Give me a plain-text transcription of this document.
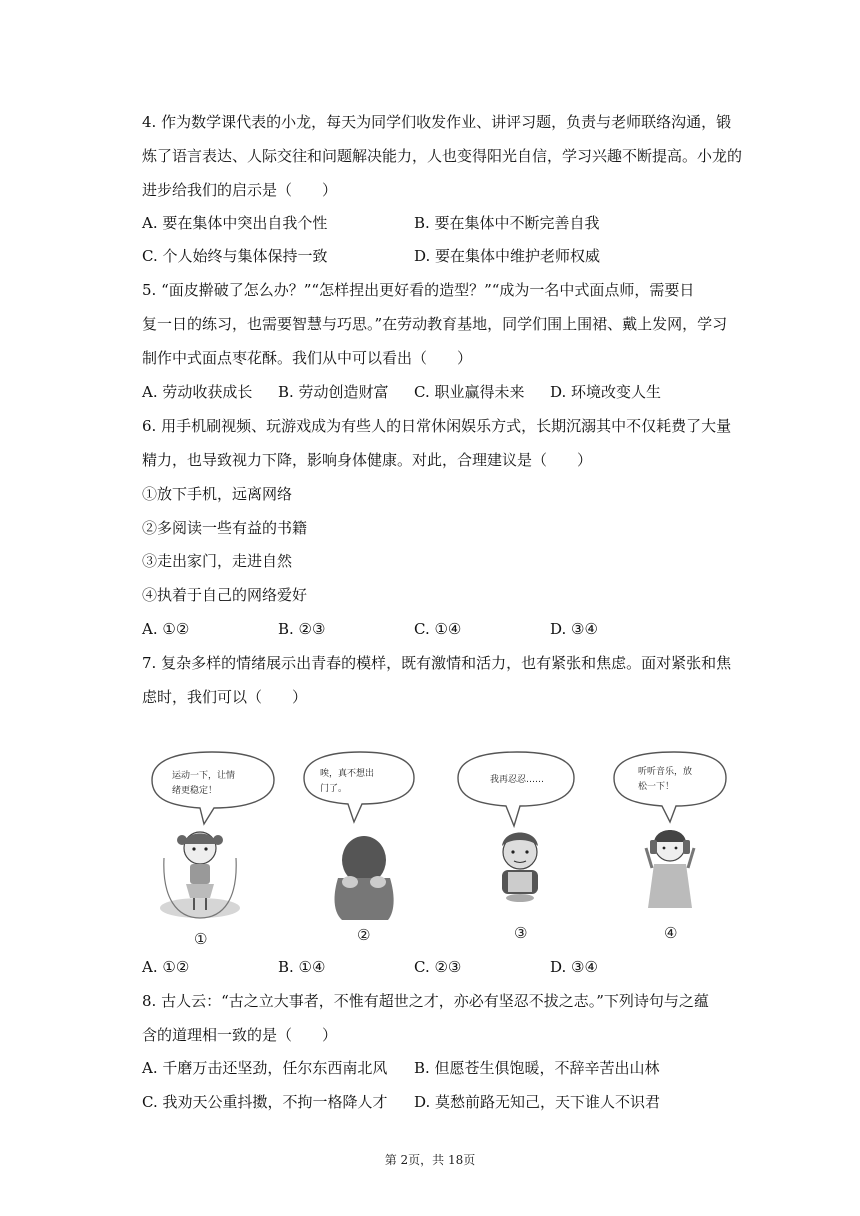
4. 作为数学课代表的小龙，每天为同学们收发作业、讲评习题，负责与老师联络沟通，锻
炼了语言表达、人际交往和问题解决能力，人也变得阳光自信，学习兴趣不断提高。小龙的
进步给我们的启示是（　　）
A. 要在集体中突出自我个性	B. 要在集体中不断完善自我
C. 个人始终与集体保持一致	D. 要在集体中维护老师权威
5. “面皮擀破了怎么办？”“怎样捏出更好看的造型？”“成为一名中式面点师，需要日
复一日的练习，也需要智慧与巧思。”在劳动教育基地，同学们围上围裙、戴上发网，学习
制作中式面点枣花酥。我们从中可以看出（　　）
A. 劳动收获成长 B. 劳动创造财富 C. 职业赢得未来 D. 环境改变人生
6. 用手机刷视频、玩游戏成为有些人的日常休闲娱乐方式，长期沉溺其中不仅耗费了大量
精力，也导致视力下降，影响身体健康。对此，合理建议是（　　）
①放下手机，远离网络
②多阅读一些有益的书籍
③走出家门，走进自然
④执着于自己的网络爱好
A. ①②	B. ②③	C. ①④	D. ③④
7. 复杂多样的情绪展示出青春的模样，既有激情和活力，也有紧张和焦虑。面对紧张和焦
虑时，我们可以（　　）
运动一下，让情
绪更稳定！
①
唉，真不想出
门了。
②
我再忍忍……
③
听听音乐，放
松一下！
④
A. ①②	B. ①④	C. ②③	D. ③④
8. 古人云：“古之立大事者，不惟有超世之才，亦必有坚忍不拔之志。”下列诗句与之蕴
含的道理相一致的是（　　）
A. 千磨万击还坚劲，任尔东西南北风 B. 但愿苍生俱饱暖，不辞辛苦出山林
C. 我劝天公重抖擞，不拘一格降人才 D. 莫愁前路无知己，天下谁人不识君
第 2页，共 18页
